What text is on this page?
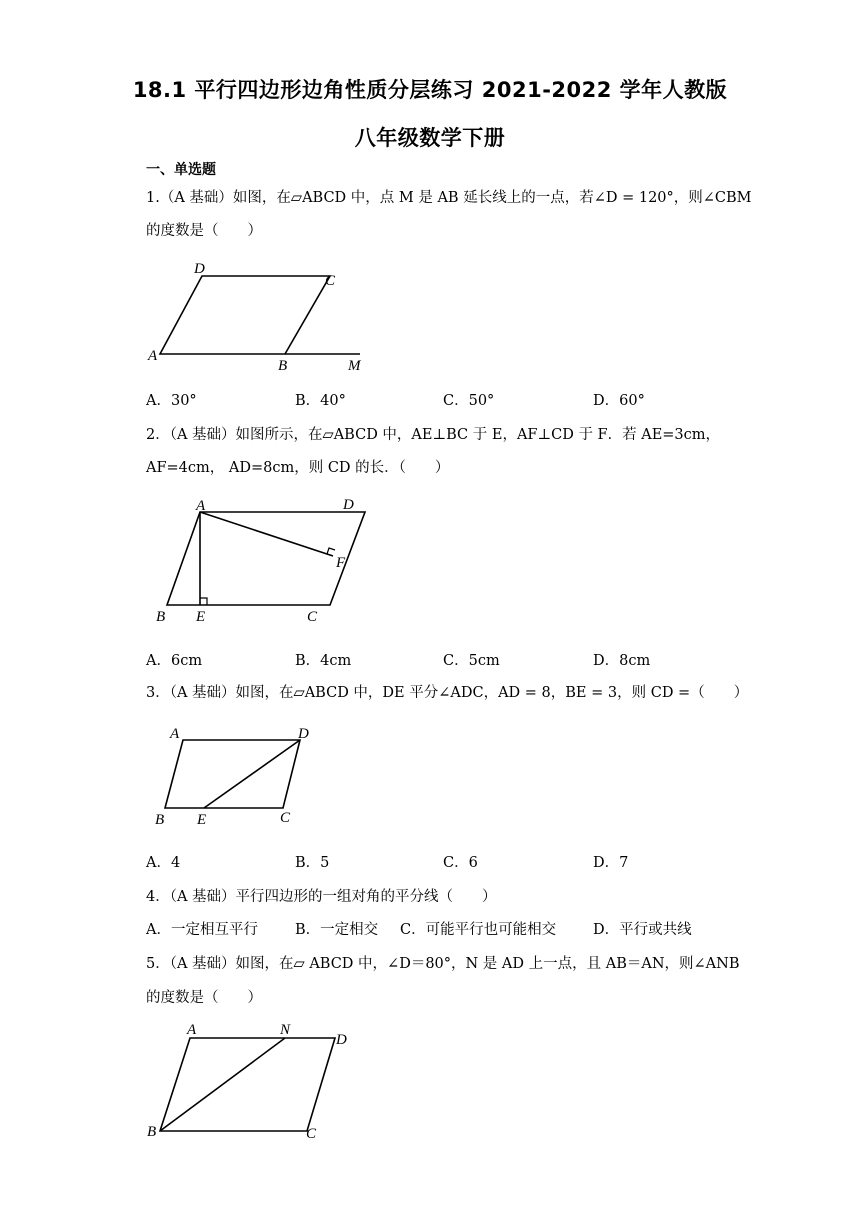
18.1 平行四边形边角性质分层练习 2021-2022 学年人教版
八年级数学下册
一、单选题
1.（A 基础）如图，在▱ABCD 中，点 M 是 AB 延长线上的一点，若∠D = 120°，则∠CBM
的度数是（　　）
A
D
C
B	M
A．30°	B．40°	C．50°	D．60°
2．（A 基础）如图所示，在▱ABCD 中，AE⊥BC 于 E，AF⊥CD 于 F．若 AE=3cm，
AF=4cm， AD=8cm，则 CD 的长．（　　）
A	D
F
B E	C
A．6cm	B．4cm	C．5cm	D．8cm
3．（A 基础）如图，在▱ABCD 中，DE 平分∠ADC，AD = 8，BE = 3，则 CD =（　　）
A	D
B E	C
A．4	B．5	C．6	D．7
4．（A 基础）平行四边形的一组对角的平分线（　　）
A．一定相互平行	B．一定相交 C．可能平行也可能相交	D．平行或共线
5．（A 基础）如图，在▱ ABCD 中，∠D＝80°，N 是 AD 上一点，且 AB＝AN，则∠ANB
的度数是（　　）
A	N
D
B	C
